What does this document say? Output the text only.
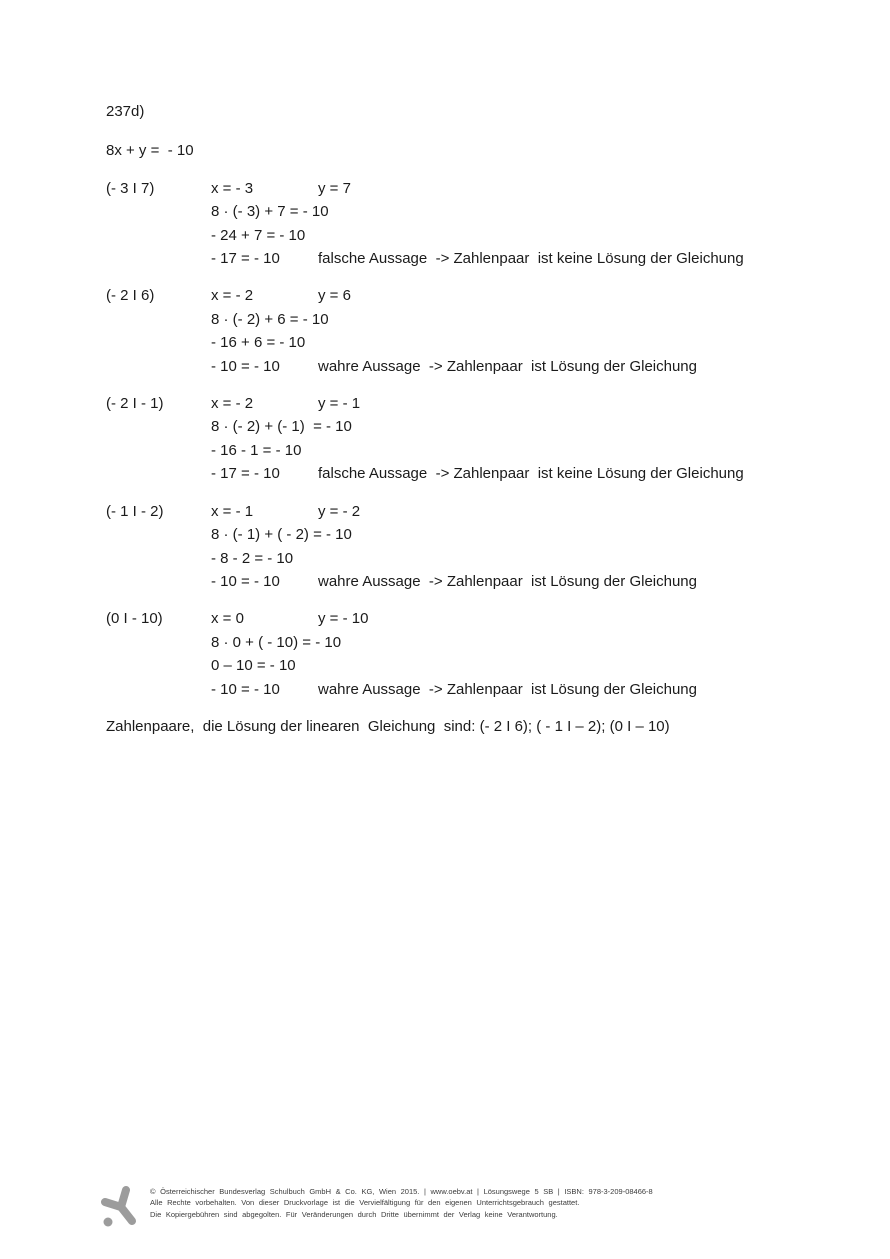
237d)
8x + y =  - 10
(- 3 I 7)	x = - 3	y = 7
8 · (- 3) + 7 = - 10
- 24 + 7 = - 10
- 17 = - 10	falsche Aussage  -> Zahlenpaar  ist keine Lösung der Gleichung
(- 2 I 6)	x = - 2	y = 6
8 · (- 2) + 6 = - 10
- 16 + 6 = - 10
- 10 = - 10	wahre Aussage  -> Zahlenpaar  ist Lösung der Gleichung
(- 2 I - 1)	x = - 2	y = - 1
8 · (- 2) + (- 1)  = - 10
- 16 - 1 = - 10
- 17 = - 10	falsche Aussage  -> Zahlenpaar  ist keine Lösung der Gleichung
(- 1 I - 2)	x = - 1	y = - 2
8 · (- 1) + ( - 2) = - 10
- 8 - 2 = - 10
- 10 = - 10	wahre Aussage  -> Zahlenpaar  ist Lösung der Gleichung
(0 I - 10)	x = 0	y = - 10
8 · 0 + ( - 10) = - 10
0 – 10 = - 10
- 10 = - 10	wahre Aussage  -> Zahlenpaar  ist Lösung der Gleichung
Zahlenpaare,  die Lösung der linearen  Gleichung  sind: (- 2 I 6); ( - 1 I – 2); (0 I – 10)
© Österreichischer Bundesverlag Schulbuch GmbH & Co. KG, Wien 2015. | www.oebv.at | Lösungswege 5 SB | ISBN: 978-3-209-08466-8
Alle Rechte vorbehalten. Von dieser Druckvorlage ist die Vervielfältigung für den eigenen Unterrichtsgebrauch gestattet.
Die Kopiergebühren sind abgegolten. Für Veränderungen durch Dritte übernimmt der Verlag keine Verantwortung.
